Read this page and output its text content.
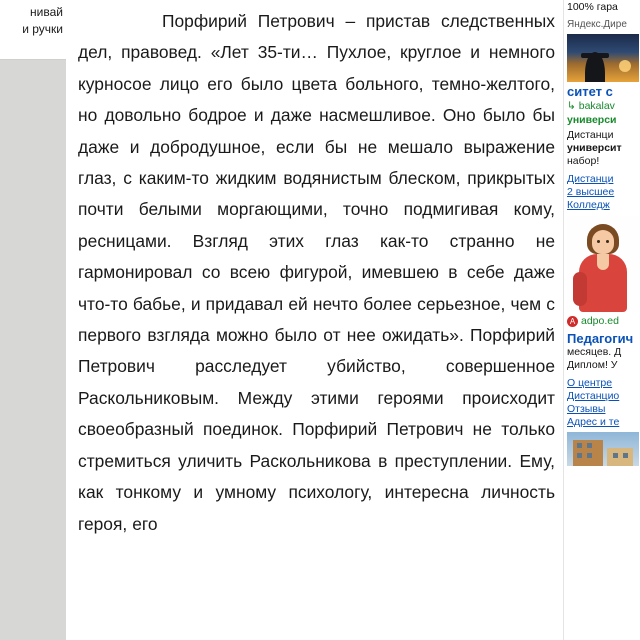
нивай
и ручки	Порфирий Петрович – пристав следственных дел, правовед. «Лет 35-ти… Пухлое, круглое и немного курносое лицо его было цвета больного, темно-желтого, но довольно бодрое и даже насмешливое. Оно было бы даже и добродушное, если бы не мешало выражение глаз, с каким-то жидким водянистым блеском, прикрытых почти белыми моргающими, точно подмигивая кому, ресницами. Взгляд этих глаз как-то странно не гармонировал со всею фигурой, имевшею в себе даже что-то бабье, и придавал ей нечто более серьезное, чем с первого взгляда можно было от нее ожидать». Порфирий Петрович расследует убийство, совершенное Раскольниковым. Между этими героями происходит своеобразный поединок. Порфирий Петрович не только стремиться уличить Раскольникова в преступлении. Ему, как тонкому и умному психологу, интересна личность героя, его

100% гара
Яндекс.Дире
ситет с
↳ bakalav
универси
Дистанци
университ
набор!
Дистанци
2 высшее
Колледж
A adpo.ed
Педагогич
месяцев. Д
Диплом! У
О центре
Дистанцио
Отзывы
Адрес и те
